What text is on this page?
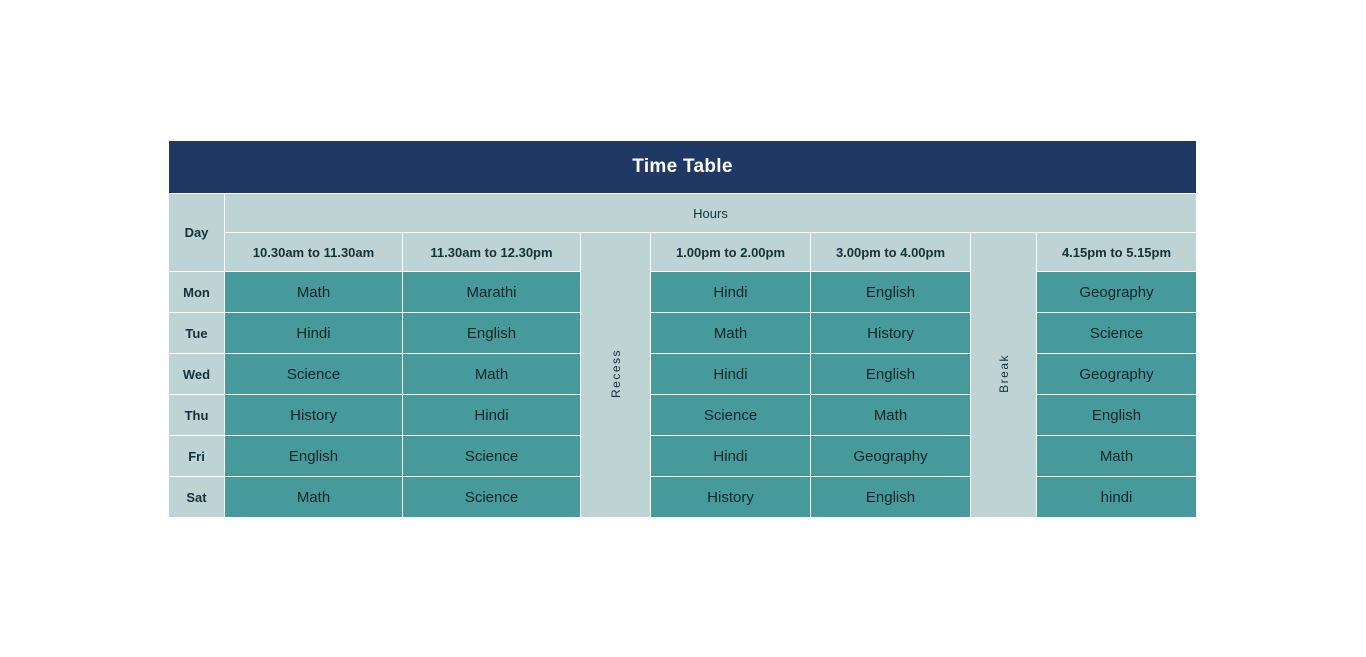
Time Table							
Day	Hours						
	10.30am to 11.30am	11.30am to 12.30pm	Recess	1.00pm to 2.00pm	3.00pm to 4.00pm	Break	4.15pm to 5.15pm
Mon	Math	Marathi		Hindi	English		Geography
Tue	Hindi	English		Math	History		Science
Wed	Science	Math		Hindi	English		Geography
Thu	History	Hindi		Science	Math		English
Fri	English	Science		Hindi	Geography		Math
Sat	Math	Science		History	English		hindi
